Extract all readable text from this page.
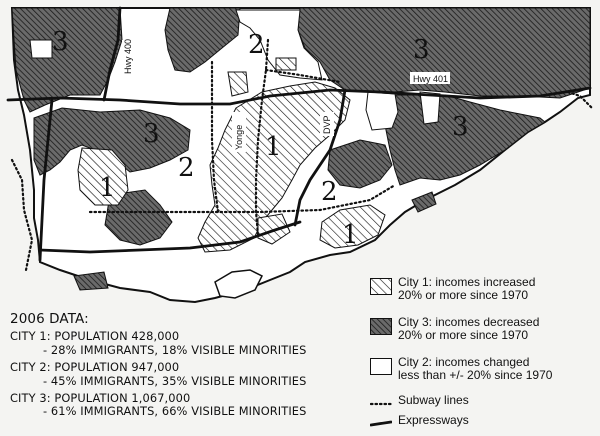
3	2	3
3	3
1
2
1	2
1
Hwy 400
Hwy 401
Yonge
DVP
2006 DATA:
CITY 1: POPULATION 428,000
- 28% IMMIGRANTS, 18% VISIBLE MINORITIES
CITY 2: POPULATION 947,000
- 45% IMMIGRANTS, 35% VISIBLE MINORITIES
CITY 3: POPULATION 1,067,000
- 61% IMMIGRANTS, 66% VISIBLE MINORITIES
City 1: incomes increased
20% or more since 1970
City 3: incomes decreased
20% or more since 1970
City 2: incomes changed
less than +/- 20% since 1970
Subway lines
Expressways
